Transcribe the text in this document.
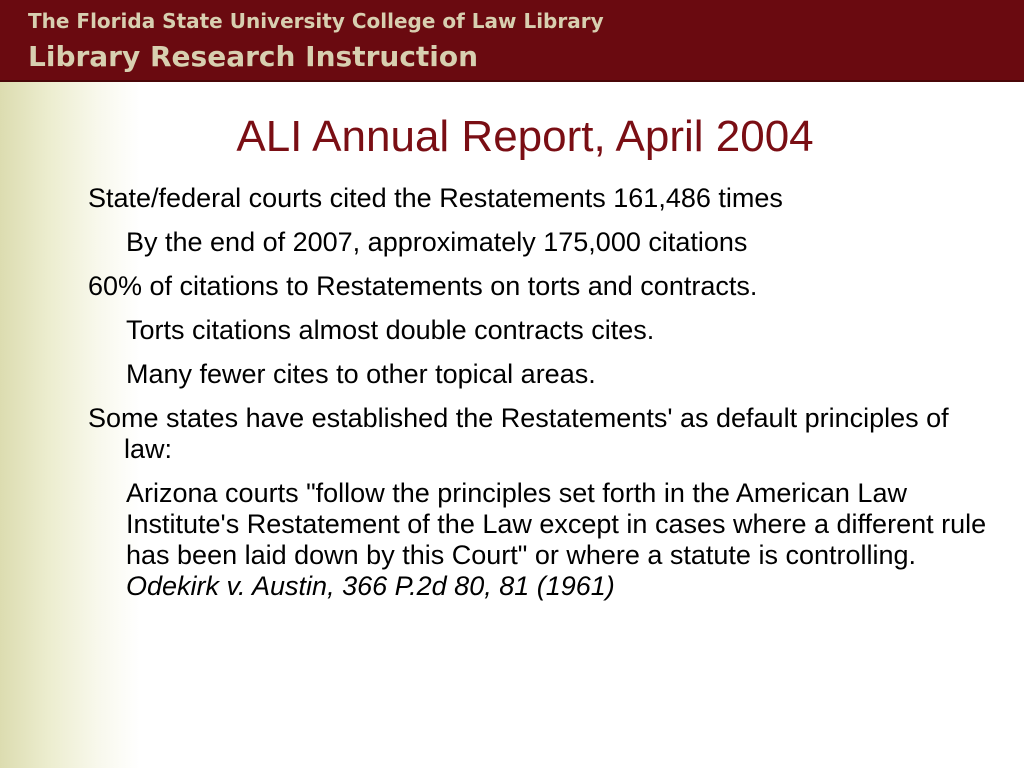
The Florida State University College of Law Library
Library Research Instruction
ALI Annual Report, April 2004
State/federal courts cited the Restatements 161,486 times
By the end of 2007, approximately 175,000 citations
60% of citations to Restatements on torts and contracts.
Torts citations almost double contracts cites.
Many fewer cites to other topical areas.
Some states have established the Restatements' as default principles of law:
Arizona courts "follow the principles set forth in the American Law Institute's Restatement of the Law except in cases where a different rule has been laid down by this Court" or where a statute is controlling.
Odekirk v. Austin, 366 P.2d 80, 81 (1961)
